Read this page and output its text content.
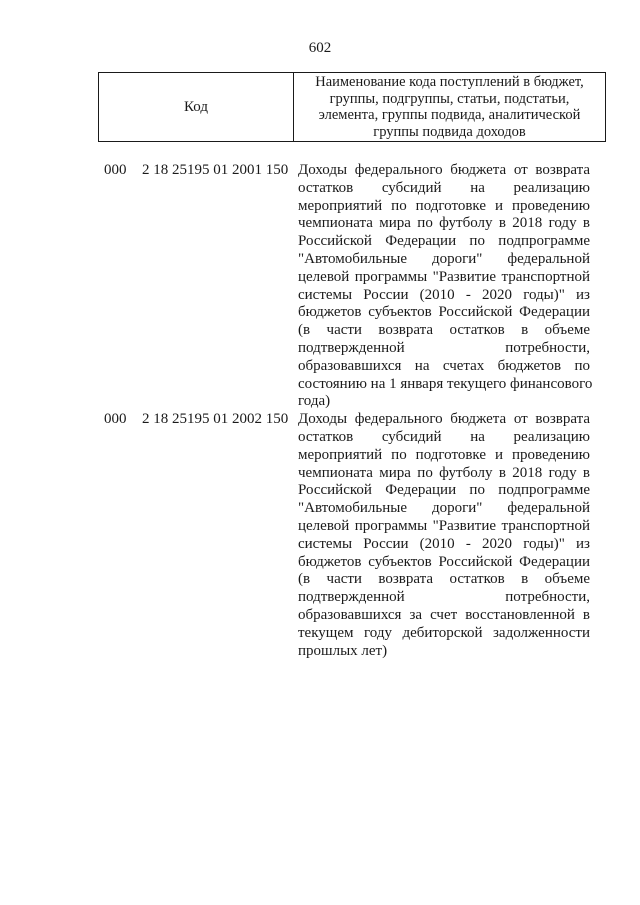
602
Код
Наименование кода поступлений в бюджет, группы, подгруппы, статьи, подстатьи, элемента, группы подвида, аналитической группы подвида доходов
000 2 18 25195 01 2001 150 Доходы федерального бюджета от возврата
остатков субсидий на реализацию
мероприятий по подготовке и проведению
чемпионата мира по футболу в 2018 году в
Российской Федерации по подпрограмме
"Автомобильные дороги" федеральной
целевой программы "Развитие транспортной
системы России (2010 - 2020 годы)" из
бюджетов субъектов Российской Федерации
(в части возврата остатков в объеме
подтвержденной потребности,
образовавшихся на счетах бюджетов по
состоянию на 1 января текущего финансового
года)
000 2 18 25195 01 2002 150 Доходы федерального бюджета от возврата
остатков субсидий на реализацию
мероприятий по подготовке и проведению
чемпионата мира по футболу в 2018 году в
Российской Федерации по подпрограмме
"Автомобильные дороги" федеральной
целевой программы "Развитие транспортной
системы России (2010 - 2020 годы)" из
бюджетов субъектов Российской Федерации
(в части возврата остатков в объеме
подтвержденной потребности,
образовавшихся за счет восстановленной в
текущем году дебиторской задолженности
прошлых лет)
